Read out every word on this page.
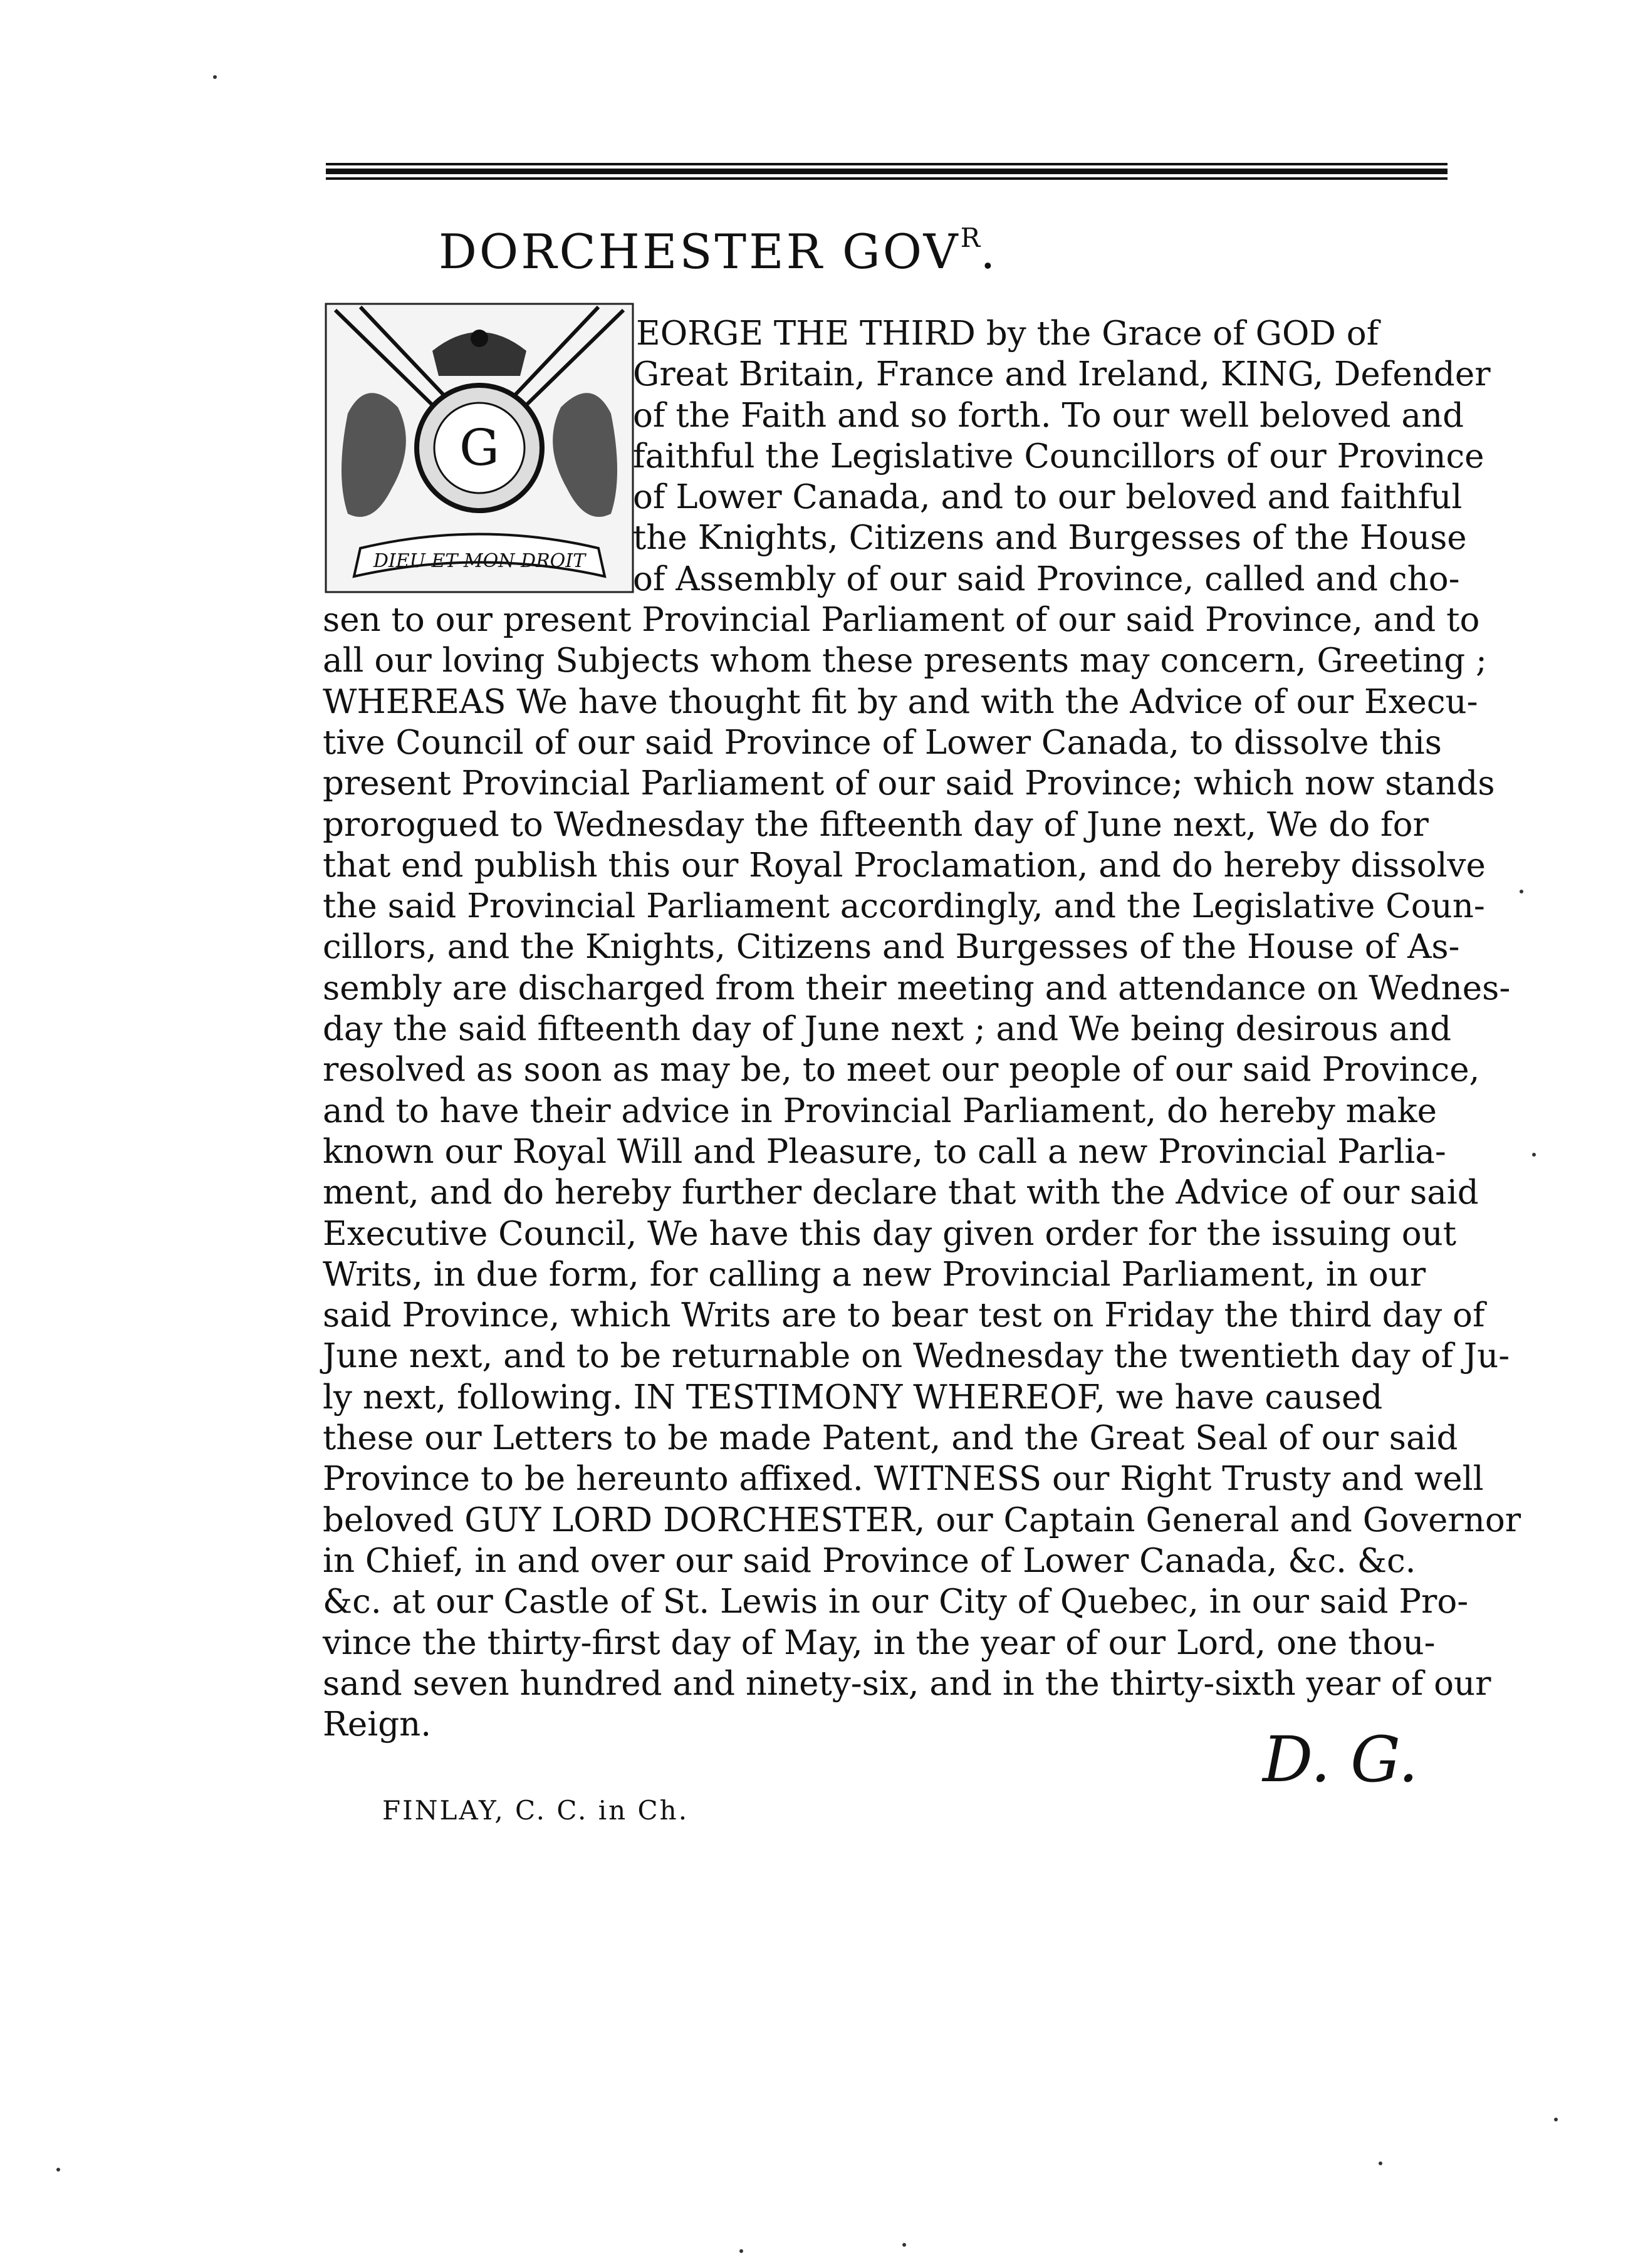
DORCHESTER $GOV^R$.
G
DIEU ET MON DROIT
EORGE THE THIRD by the Grace of GOD of
Great Britain, France and Ireland, KING, Defender
of the Faith and so forth. To our well beloved and
faithful the Legislative Councillors of our Province
of Lower Canada, and to our beloved and faithful
the Knights, Citizens and Burgesses of the House
of Assembly of our said Province, called and cho-
sen to our present Provincial Parliament of our said Province, and to
all our loving Subjects whom these presents may concern, Greeting ;
WHEREAS We have thought fit by and with the Advice of our Execu-
tive Council of our said Province of Lower Canada, to dissolve this
present Provincial Parliament of our said Province; which now stands
prorogued to Wednesday the fifteenth day of June next, We do for
that end publish this our Royal Proclamation, and do hereby dissolve
the said Provincial Parliament accordingly, and the Legislative Coun-
cillors, and the Knights, Citizens and Burgesses of the House of As-
sembly are discharged from their meeting and attendance on Wednes-
day the said fifteenth day of June next ; and We being desirous and
resolved as soon as may be, to meet our people of our said Province,
and to have their advice in Provincial Parliament, do hereby make
known our Royal Will and Pleasure, to call a new Provincial Parlia-
ment, and do hereby further declare that with the Advice of our said
Executive Council, We have this day given order for the issuing out
Writs, in due form, for calling a new Provincial Parliament, in our
said Province, which Writs are to bear test on Friday the third day of
June next, and to be returnable on Wednesday the twentieth day of Ju-
ly next, following. IN TESTIMONY WHEREOF, we have caused
these our Letters to be made Patent, and the Great Seal of our said
Province to be hereunto affixed. WITNESS our Right Trusty and well
beloved GUY LORD DORCHESTER, our Captain General and Governor
in Chief, in and over our said Province of Lower Canada, &c. &c.
&c. at our Castle of St. Lewis in our City of Quebec, in our said Pro-
vince the thirty-first day of May, in the year of our Lord, one thou-
sand seven hundred and ninety-six, and in the thirty-sixth year of our
Reign.	D. G.
FINLAY, C. C. in Ch.
